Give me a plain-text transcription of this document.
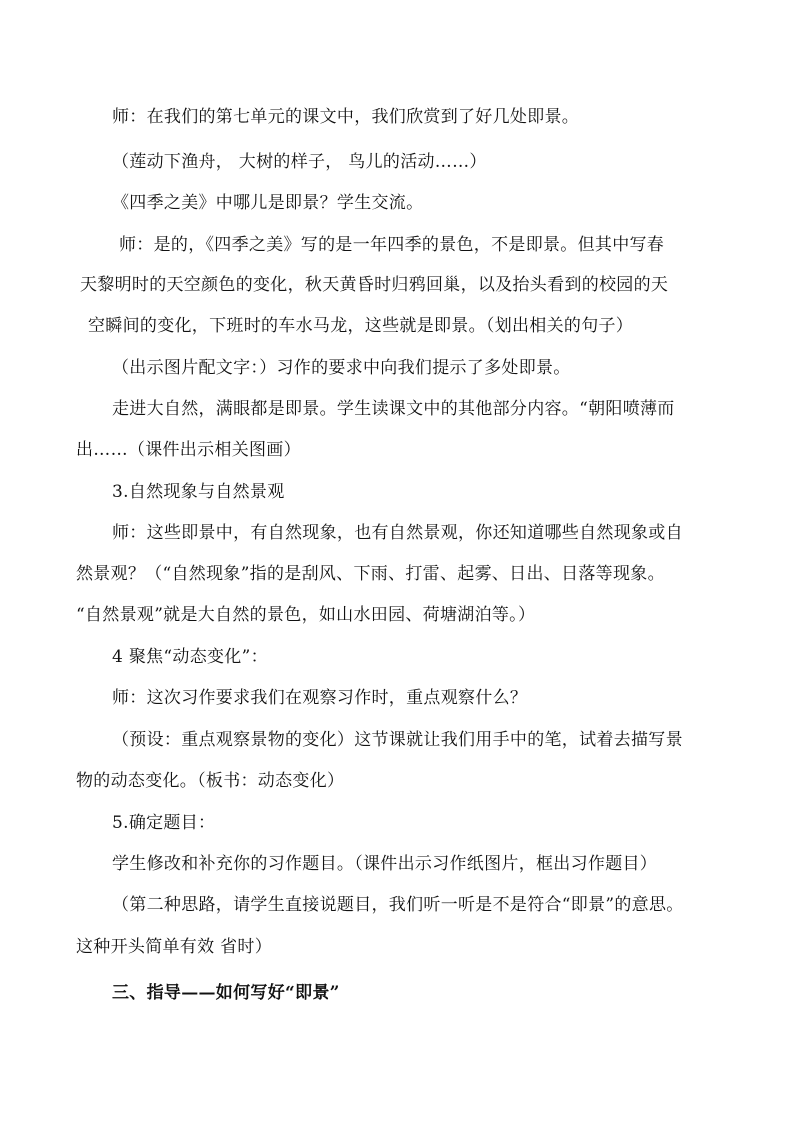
师：在我们的第七单元的课文中，我们欣赏到了好几处即景。
（莲动下渔舟， 大树的样子， 鸟儿的活动……）
《四季之美》中哪儿是即景？学生交流。
师：是的，《四季之美》写的是一年四季的景色，不是即景。但其中写春
天黎明时的天空颜色的变化，秋天黄昏时归鸦回巢，以及抬头看到的校园的天
空瞬间的变化，下班时的车水马龙，这些就是即景。（划出相关的句子）
（出示图片配文字：）习作的要求中向我们提示了多处即景。
走进大自然，满眼都是即景。学生读课文中的其他部分内容。“朝阳喷薄而
出……（课件出示相关图画）
3.自然现象与自然景观
师：这些即景中，有自然现象，也有自然景观，你还知道哪些自然现象或自
然景观？（“自然现象”指的是刮风、下雨、打雷、起雾、日出、日落等现象。
“自然景观”就是大自然的景色，如山水田园、荷塘湖泊等。）
4 聚焦“动态变化”：
师：这次习作要求我们在观察习作时，重点观察什么？
（预设：重点观察景物的变化）这节课就让我们用手中的笔，试着去描写景
物的动态变化。（板书：动态变化）
5.确定题目：
学生修改和补充你的习作题目。（课件出示习作纸图片，框出习作题目）
（第二种思路，请学生直接说题目，我们听一听是不是符合“即景”的意思。
这种开头简单有效 省时）
三、指导——如何写好“即景”
